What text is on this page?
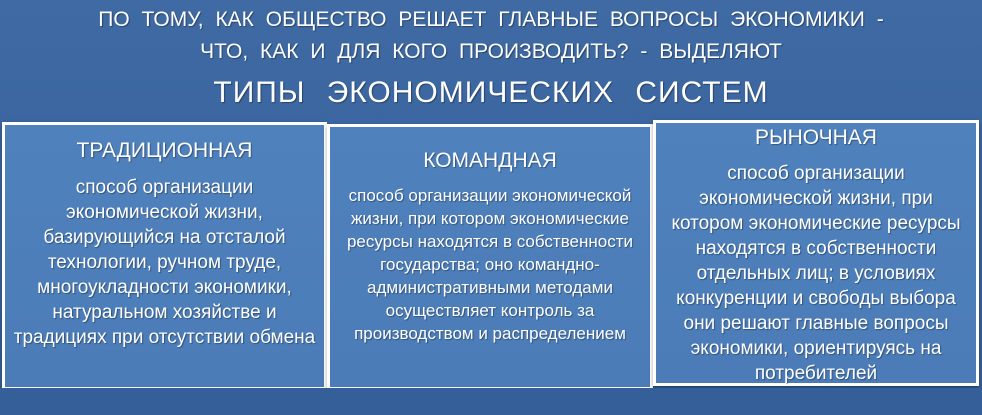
ПО ТОМУ, КАК ОБЩЕСТВО РЕШАЕТ ГЛАВНЫЕ ВОПРОСЫ ЭКОНОМИКИ -
ЧТО, КАК И ДЛЯ КОГО ПРОИЗВОДИТЬ? - ВЫДЕЛЯЮТ
ТИПЫ ЭКОНОМИЧЕСКИХ СИСТЕМ
ТРАДИЦИОННАЯ
способ организации экономической жизни, базирующийся на отсталой технологии, ручном труде, многоукладности экономики, натуральном хозяйстве и традициях при отсутствии обмена
КОМАНДНАЯ
способ организации экономической жизни, при котором экономические ресурсы находятся в собственности государства; оно командно-административными методами осуществляет контроль за производством и распределением
РЫНОЧНАЯ
способ организации экономической жизни, при котором экономические ресурсы находятся в собственности отдельных лиц; в условиях конкуренции и свободы выбора они решают главные вопросы экономики, ориентируясь на потребителей
